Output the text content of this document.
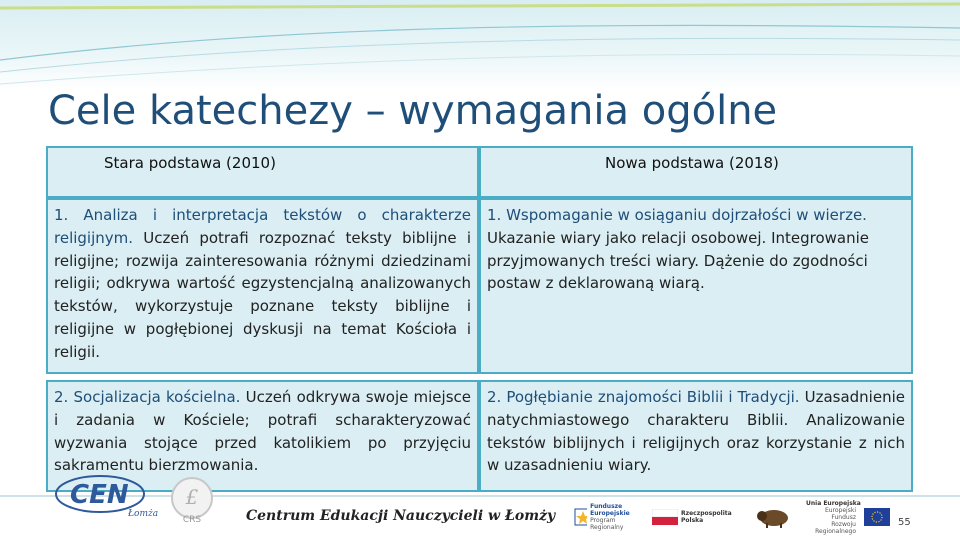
Cele katechezy – wymagania ogólne
Stara podstawa (2010)	Nowa podstawa (2018)
1. Analiza i interpretacja tekstów o charakterze religijnym. Uczeń potrafi rozpoznać teksty biblijne i religijne; rozwija zainteresowania różnymi dziedzinami religii; odkrywa wartość egzystencjalną analizowanych tekstów, wykorzystuje poznane teksty biblijne i religijne w pogłębionej dyskusji na temat Kościoła i religii.
1. Wspomaganie w osiąganiu dojrzałości w wierze. Ukazanie wiary jako relacji osobowej. Integrowanie przyjmowanych treści wiary. Dążenie do zgodności postaw z deklarowaną wiarą.
2. Socjalizacja kościelna. Uczeń odkrywa swoje miejsce i zadania w Kościele; potrafi scharakteryzować wyzwania stojące przed katolikiem po przyjęciu sakramentu bierzmowania.
2. Pogłębianie znajomości Biblii i Tradycji. Uzasadnienie natychmiastowego charakteru Biblii. Analizowanie tekstów biblijnych i religijnych oraz korzystanie z nich w uzasadnieniu wiary.
CEN
Łomża
£
CRS	Centrum Edukacji Nauczycieli w Łomży
Fundusze Europejskie
Program Regionalny
Rzeczpospolita Polska
Unia Europejska
Europejski Fundusz Rozwoju Regionalnego
55
